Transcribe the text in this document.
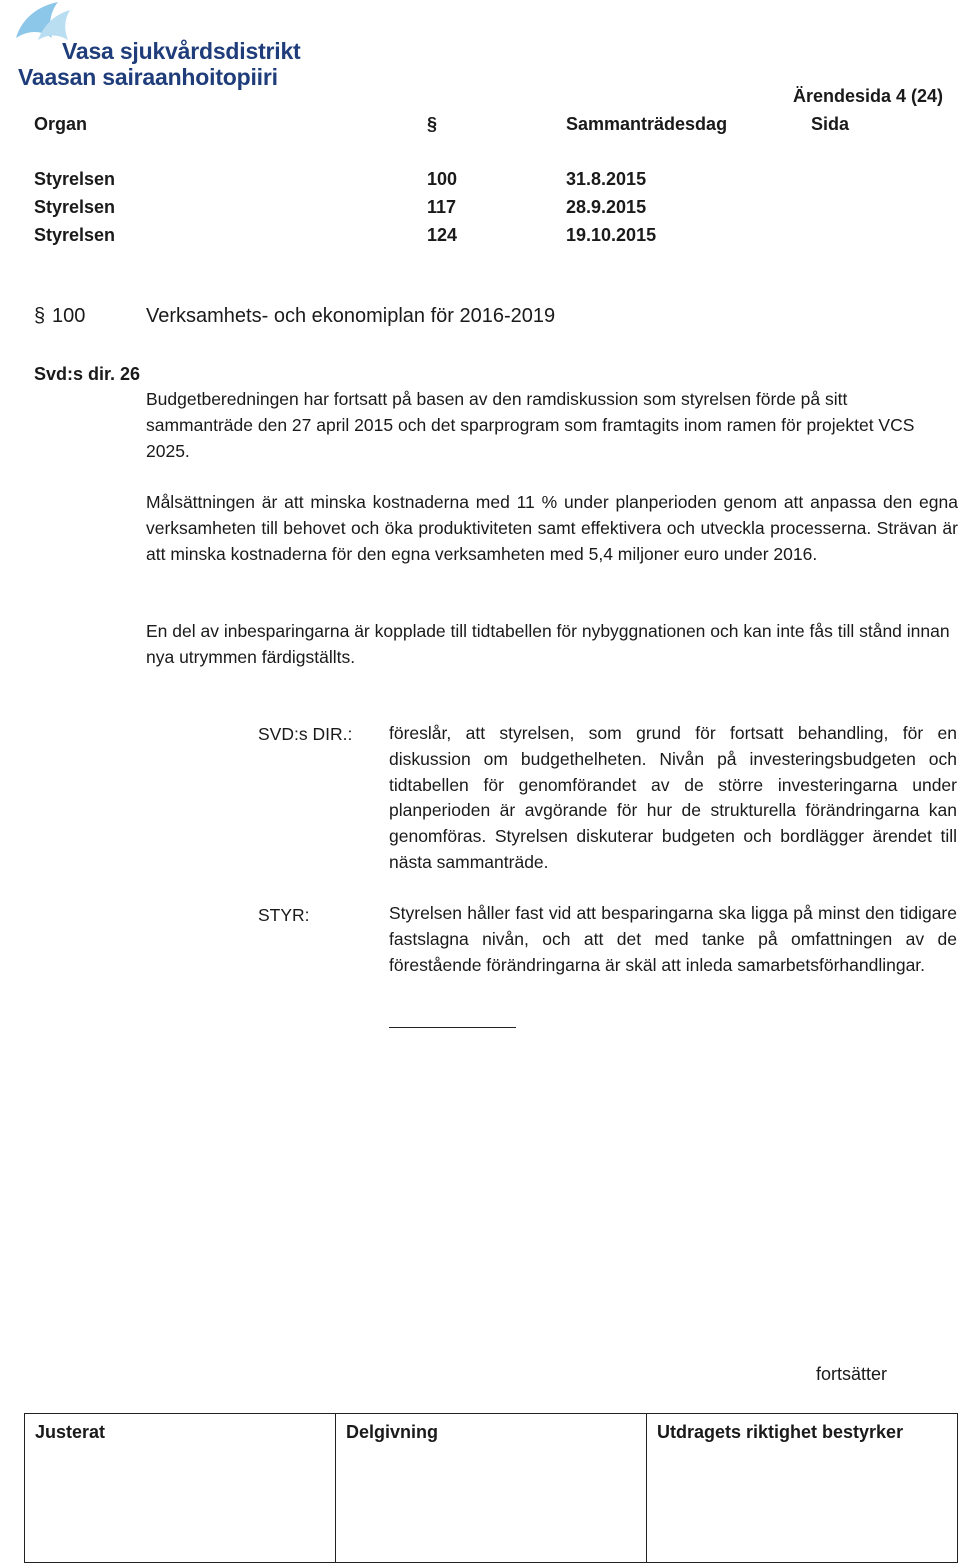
Vasa sjukvårdsdistrikt
Vaasan sairaanhoitopiiri
Ärendesida 4 (24)
Organ	§	Sammanträdesdag	Sida
Styrelsen	100	31.8.2015
Styrelsen	117	28.9.2015
Styrelsen	124	19.10.2015
§ 100	Verksamhets- och ekonomiplan för 2016-2019
Svd:s dir. 26

Budgetberedningen har fortsatt på basen av den ramdiskussion som styrelsen förde på sitt sammanträde den 27 april 2015 och det sparprogram som framtagits inom ramen för projektet VCS 2025.

Målsättningen är att minska kostnaderna med 11 % under planperioden genom att anpassa den egna verksamheten till behovet och öka produktiviteten samt effektivera och utveckla processerna. Strävan är att minska kostnaderna för den egna verksamheten med 5,4 miljoner euro under 2016.

En del av inbesparingarna är kopplade till tidtabellen för nybyggnationen och kan inte fås till stånd innan nya utrymmen färdigställts.

SVD:s DIR.: föreslår, att styrelsen, som grund för fortsatt behandling, för en diskussion om budgethelheten. Nivån på investeringsbudgeten och tidtabellen för genomförandet av de större investeringarna under planperioden är avgörande för hur de strukturella förändringarna kan genomföras. Styrelsen diskuterar budgeten och bordlägger ärendet till nästa sammanträde.
STYR:	Styrelsen håller fast vid att besparingarna ska ligga på minst den tidigare fastslagna nivån, och att det med tanke på omfattningen av de förestående förändringarna är skäl att inleda samarbetsförhandlingar.
fortsätter
Justerat	Delgivning	Utdragets riktighet bestyrker
